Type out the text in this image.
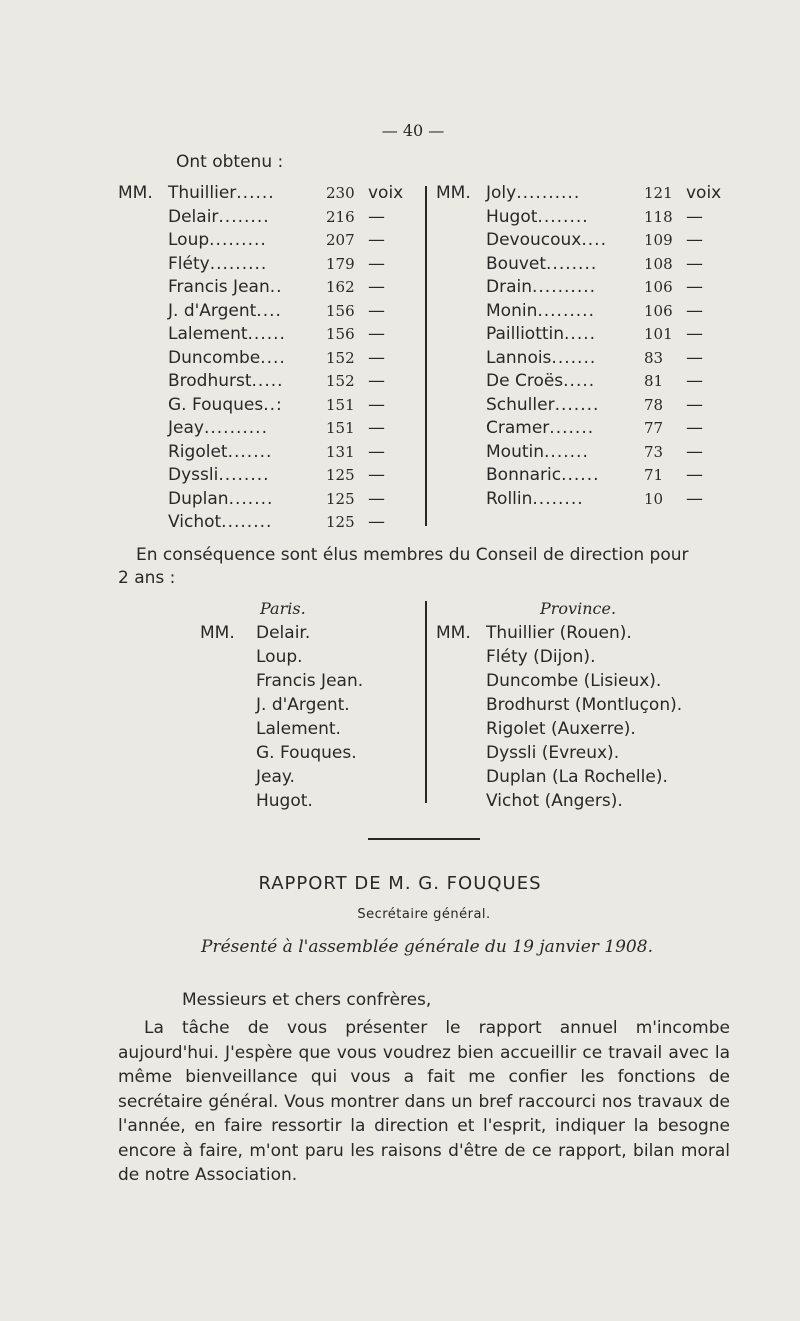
— 40 —
Ont obtenu :
MM. Thuillier......	230 voix
Delair........	216 —
Loup.........	207 —
Fléty.........	179 —
Francis Jean..	162 —
J. d'Argent....	156 —
Lalement......	156 —
Duncombe....	152 —
Brodhurst.....	152 —
G. Fouques..:	151 —
Jeay..........	151 —
Rigolet.......	131 —
Dyssli........	125 —
Duplan.......	125 —
Vichot........	125 —
MM. Joly..........	121 voix
Hugot........	118 —
Devoucoux.... 109 —
Bouvet........	108 —
Drain..........	106 —
Monin.........	106 —
Pailliottin.....	101 —
Lannois.......	83 —
De Croës.....	81 —
Schuller.......	78 —
Cramer.......	77 —
Moutin.......	73 —
Bonnaric......	71 —
Rollin........	10 —
En conséquence sont élus membres du Conseil de direction pour
2 ans :
Paris.
MM. Delair.
Loup.
Francis Jean.
J. d'Argent.
Lalement.
G. Fouques.
Jeay.
Hugot.
Province.
MM. Thuillier (Rouen).
Fléty (Dijon).
Duncombe (Lisieux).
Brodhurst (Montluçon).
Rigolet (Auxerre).
Dyssli (Evreux).
Duplan (La Rochelle).
Vichot (Angers).
RAPPORT DE M. G. FOUQUES
Secrétaire général.
Présenté à l'assemblée générale du 19 janvier 1908.
Messieurs et chers confrères,
La tâche de vous présenter le rapport annuel m'incombe aujourd'hui. J'espère que vous voudrez bien accueillir ce travail avec la même bienveillance qui vous a fait me confier les fonctions de secrétaire général. Vous montrer dans un bref raccourci nos travaux de l'année, en faire ressortir la direction et l'esprit, indiquer la besogne encore à faire, m'ont paru les raisons d'être de ce rapport, bilan moral de notre Association.
